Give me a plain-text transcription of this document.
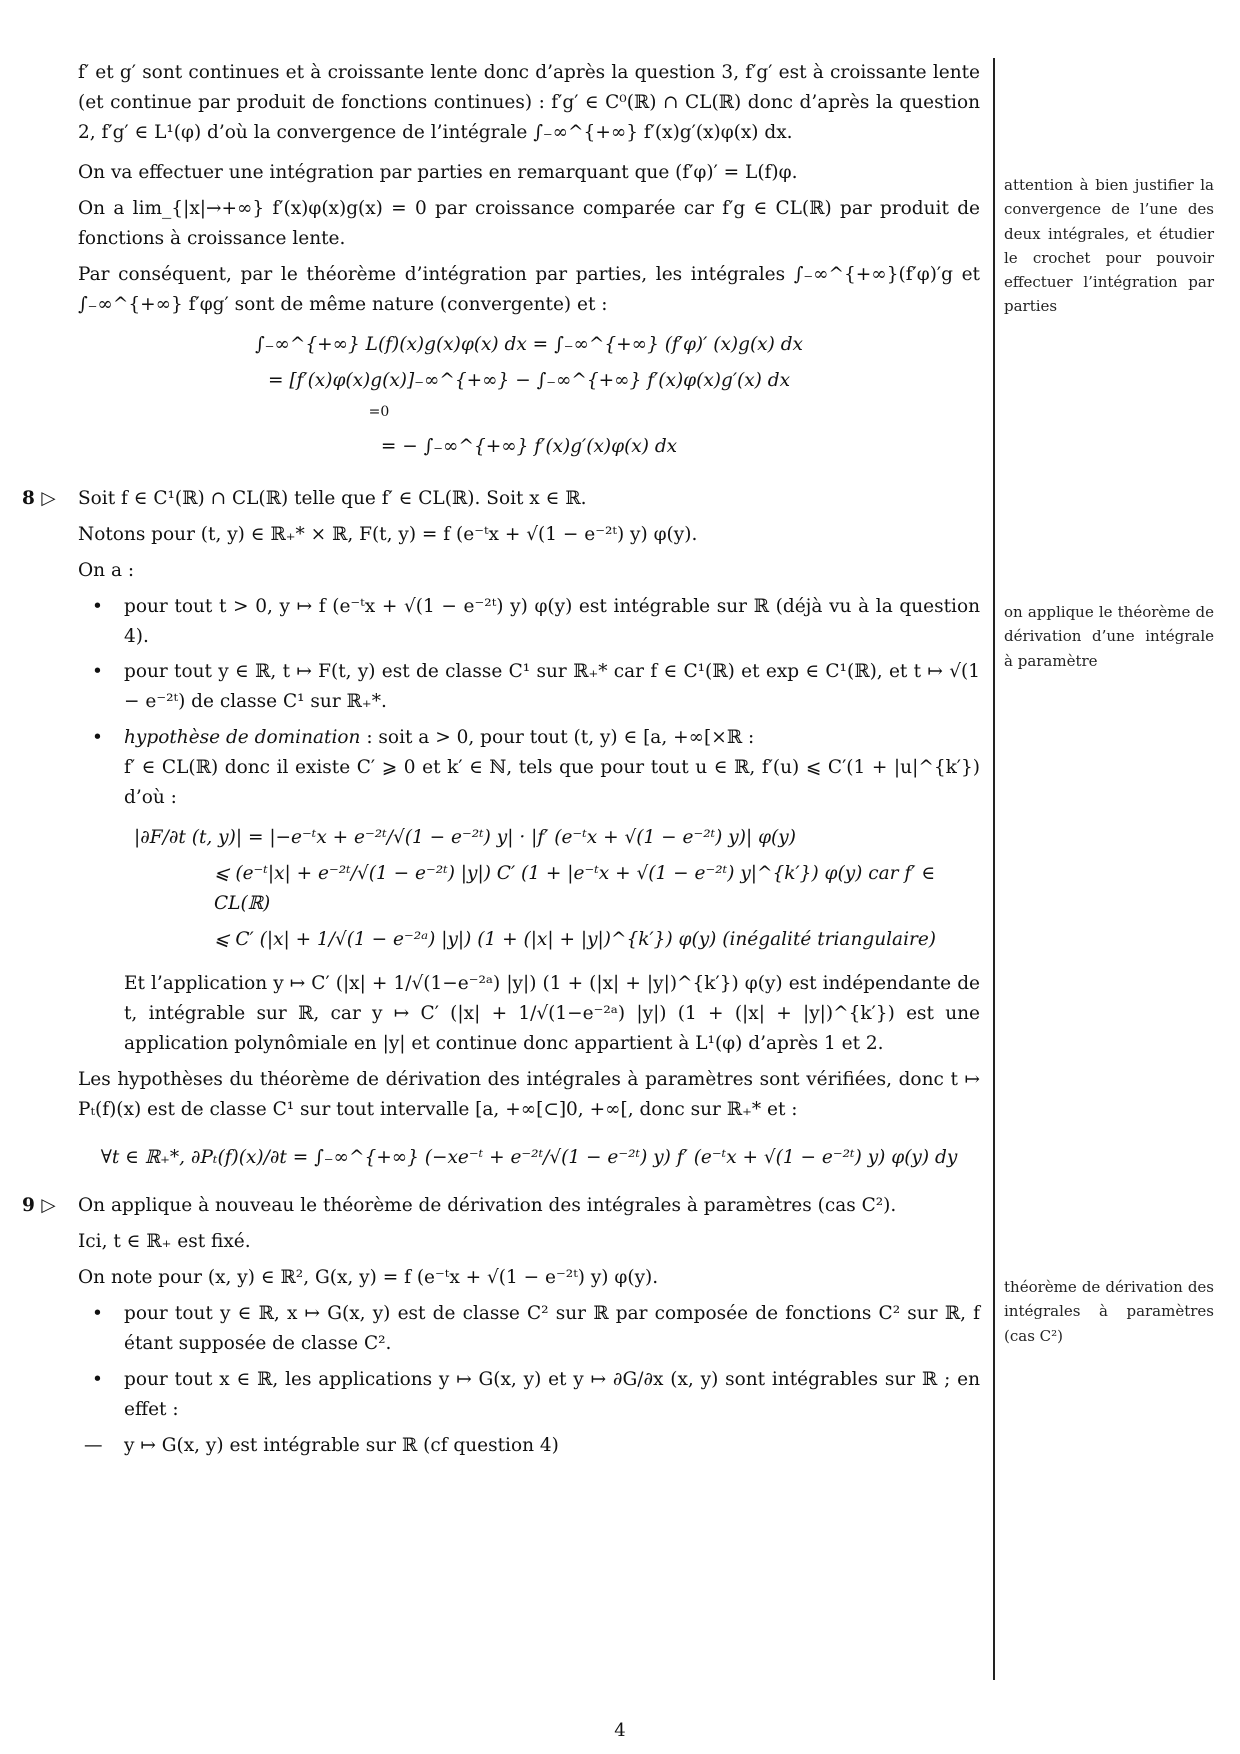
f′ et g′ sont continues et à croissante lente donc d’après la question 3, f′g′ est à croissante lente (et continue par produit de fonctions continues) : f′g′ ∈ C⁰(ℝ) ∩ CL(ℝ) donc d’après la question 2, f′g′ ∈ L¹(φ) d’où la convergence de l’intégrale ∫₋∞^{+∞} f′(x)g′(x)φ(x) dx.

On va effectuer une intégration par parties en remarquant que (f′φ)′ = L(f)φ.

On a lim_{|x|→+∞} f′(x)φ(x)g(x) = 0 par croissance comparée car f′g ∈ CL(ℝ) par produit de fonctions à croissance lente.

Par conséquent, par le théorème d’intégration par parties, les intégrales ∫₋∞^{+∞}(f′φ)′g et ∫₋∞^{+∞} f′φg′ sont de même nature (convergente) et :

∫₋∞^{+∞} L(f)(x)g(x)φ(x) dx = ∫₋∞^{+∞} (f′φ)′ (x)g(x) dx
= [f′(x)φ(x)g(x)]₋∞^{+∞} − ∫₋∞^{+∞} f′(x)φ(x)g′(x) dx
=0
= − ∫₋∞^{+∞} f′(x)g′(x)φ(x) dx
8 ▷ Soit f ∈ C¹(ℝ) ∩ CL(ℝ) telle que f′ ∈ CL(ℝ). Soit x ∈ ℝ.

Notons pour (t, y) ∈ ℝ₊* × ℝ, F(t, y) = f (e⁻ᵗx + √(1 − e⁻²ᵗ) y) φ(y).

On a :

• pour tout t > 0, y ↦ f (e⁻ᵗx + √(1 − e⁻²ᵗ) y) φ(y) est intégrable sur ℝ (déjà vu à la question 4).
• pour tout y ∈ ℝ, t ↦ F(t, y) est de classe C¹ sur ℝ₊* car f ∈ C¹(ℝ) et exp ∈ C¹(ℝ), et t ↦ √(1 − e⁻²ᵗ) de classe C¹ sur ℝ₊*.
• hypothèse de domination : soit a > 0, pour tout (t, y) ∈ [a, +∞[×ℝ :
f′ ∈ CL(ℝ) donc il existe C′ ⩾ 0 et k′ ∈ ℕ, tels que pour tout u ∈ ℝ, f′(u) ⩽ C′(1 + |u|^{k′}) d’où :
|∂F/∂t (t, y)| = |−e⁻ᵗx + e⁻²ᵗ/√(1 − e⁻²ᵗ) y| · |f′ (e⁻ᵗx + √(1 − e⁻²ᵗ) y)| φ(y)
⩽ (e⁻ᵗ|x| + e⁻²ᵗ/√(1 − e⁻²ᵗ) |y|) C′ (1 + |e⁻ᵗx + √(1 − e⁻²ᵗ) y|^{k′}) φ(y) car f′ ∈ CL(ℝ)
⩽ C′ (|x| + 1/√(1 − e⁻²ᵃ) |y|) (1 + (|x| + |y|)^{k′}) φ(y) (inégalité triangulaire)

Et l’application y ↦ C′ (|x| + 1/√(1−e⁻²ᵃ) |y|) (1 + (|x| + |y|)^{k′}) φ(y) est indépendante de t, intégrable sur ℝ, car y ↦ C′ (|x| + 1/√(1−e⁻²ᵃ) |y|) (1 + (|x| + |y|)^{k′}) est une application polynômiale en |y| et continue donc appartient à L¹(φ) d’après 1 et 2.

Les hypothèses du théorème de dérivation des intégrales à paramètres sont vérifiées, donc t ↦ Pₜ(f)(x) est de classe C¹ sur tout intervalle [a, +∞[⊂]0, +∞[, donc sur ℝ₊* et :

∀t ∈ ℝ₊*, ∂Pₜ(f)(x)/∂t = ∫₋∞^{+∞} (−xe⁻ᵗ + e⁻²ᵗ/√(1 − e⁻²ᵗ) y) f′ (e⁻ᵗx + √(1 − e⁻²ᵗ) y) φ(y) dy
9 ▷ On applique à nouveau le théorème de dérivation des intégrales à paramètres (cas C²).

Ici, t ∈ ℝ₊ est fixé.

On note pour (x, y) ∈ ℝ², G(x, y) = f (e⁻ᵗx + √(1 − e⁻²ᵗ) y) φ(y).

• pour tout y ∈ ℝ, x ↦ G(x, y) est de classe C² sur ℝ par composée de fonctions C² sur ℝ, f étant supposée de classe C².
• pour tout x ∈ ℝ, les applications y ↦ G(x, y) et y ↦ ∂G/∂x (x, y) sont intégrables sur ℝ ; en effet :
— y ↦ G(x, y) est intégrable sur ℝ (cf question 4)
attention à bien justifier la convergence de l’une des deux intégrales, et étudier le crochet pour pouvoir effectuer l’intégration par parties
on applique le théorème de dérivation d’une intégrale à paramètre
théorème de dérivation des intégrales à paramètres (cas C²)
4
